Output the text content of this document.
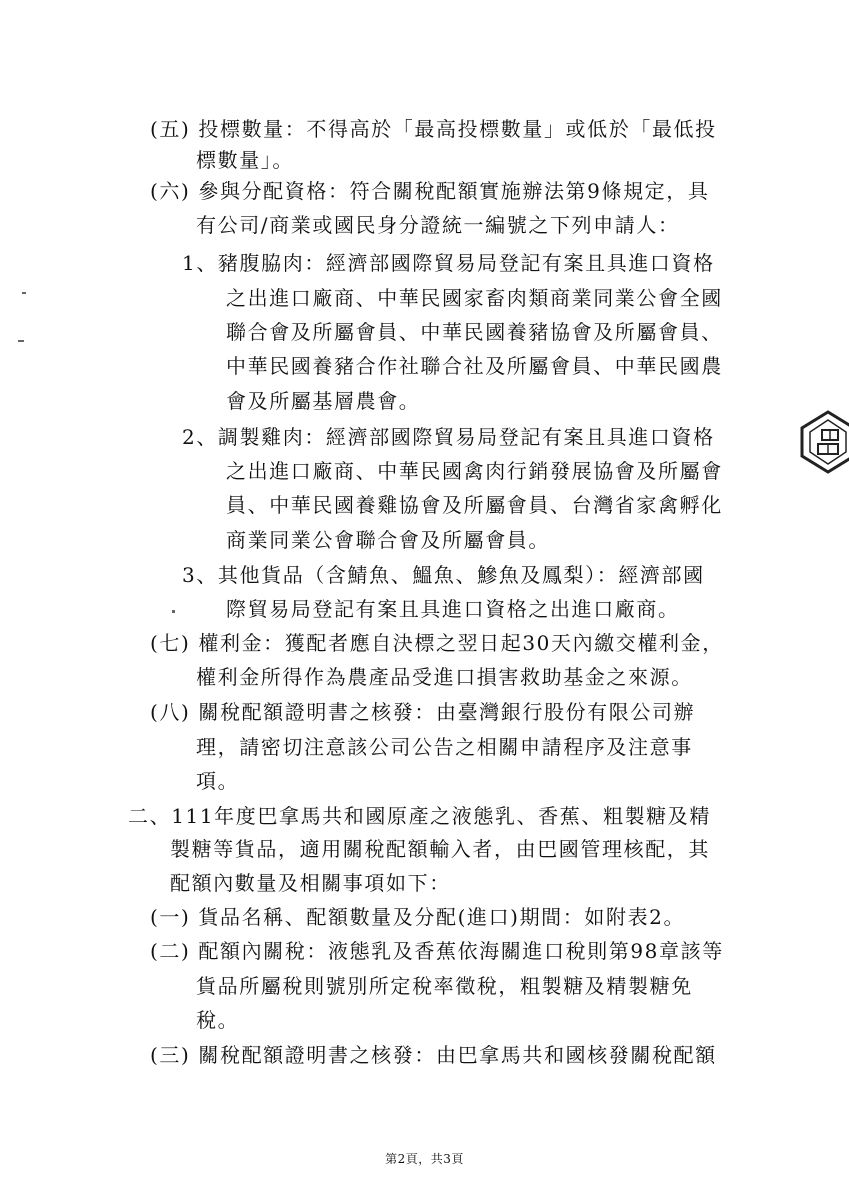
(五) 投標數量：不得高於「最高投標數量」或低於「最低投
標數量」。
(六) 參與分配資格：符合關稅配額實施辦法第9條規定，具
有公司/商業或國民身分證統一編號之下列申請人：
1、豬腹脇肉：經濟部國際貿易局登記有案且具進口資格
之出進口廠商、中華民國家畜肉類商業同業公會全國
聯合會及所屬會員、中華民國養豬協會及所屬會員、
中華民國養豬合作社聯合社及所屬會員、中華民國農
會及所屬基層農會。
2、調製雞肉：經濟部國際貿易局登記有案且具進口資格
之出進口廠商、中華民國禽肉行銷發展協會及所屬會
員、中華民國養雞協會及所屬會員、台灣省家禽孵化
商業同業公會聯合會及所屬會員。
3、其他貨品（含鯖魚、鰮魚、鰺魚及鳳梨）：經濟部國
際貿易局登記有案且具進口資格之出進口廠商。
(七) 權利金：獲配者應自決標之翌日起30天內繳交權利金，
權利金所得作為農產品受進口損害救助基金之來源。
(八) 關稅配額證明書之核發：由臺灣銀行股份有限公司辦
理，請密切注意該公司公告之相關申請程序及注意事
項。
二、111年度巴拿馬共和國原產之液態乳、香蕉、粗製糖及精
製糖等貨品，適用關稅配額輸入者，由巴國管理核配，其
配額內數量及相關事項如下：
(一) 貨品名稱、配額數量及分配(進口)期間：如附表2。
(二) 配額內關稅：液態乳及香蕉依海關進口稅則第98章該等
貨品所屬稅則號別所定稅率徵稅，粗製糖及精製糖免
稅。
(三) 關稅配額證明書之核發：由巴拿馬共和國核發關稅配額
第2頁，共3頁
